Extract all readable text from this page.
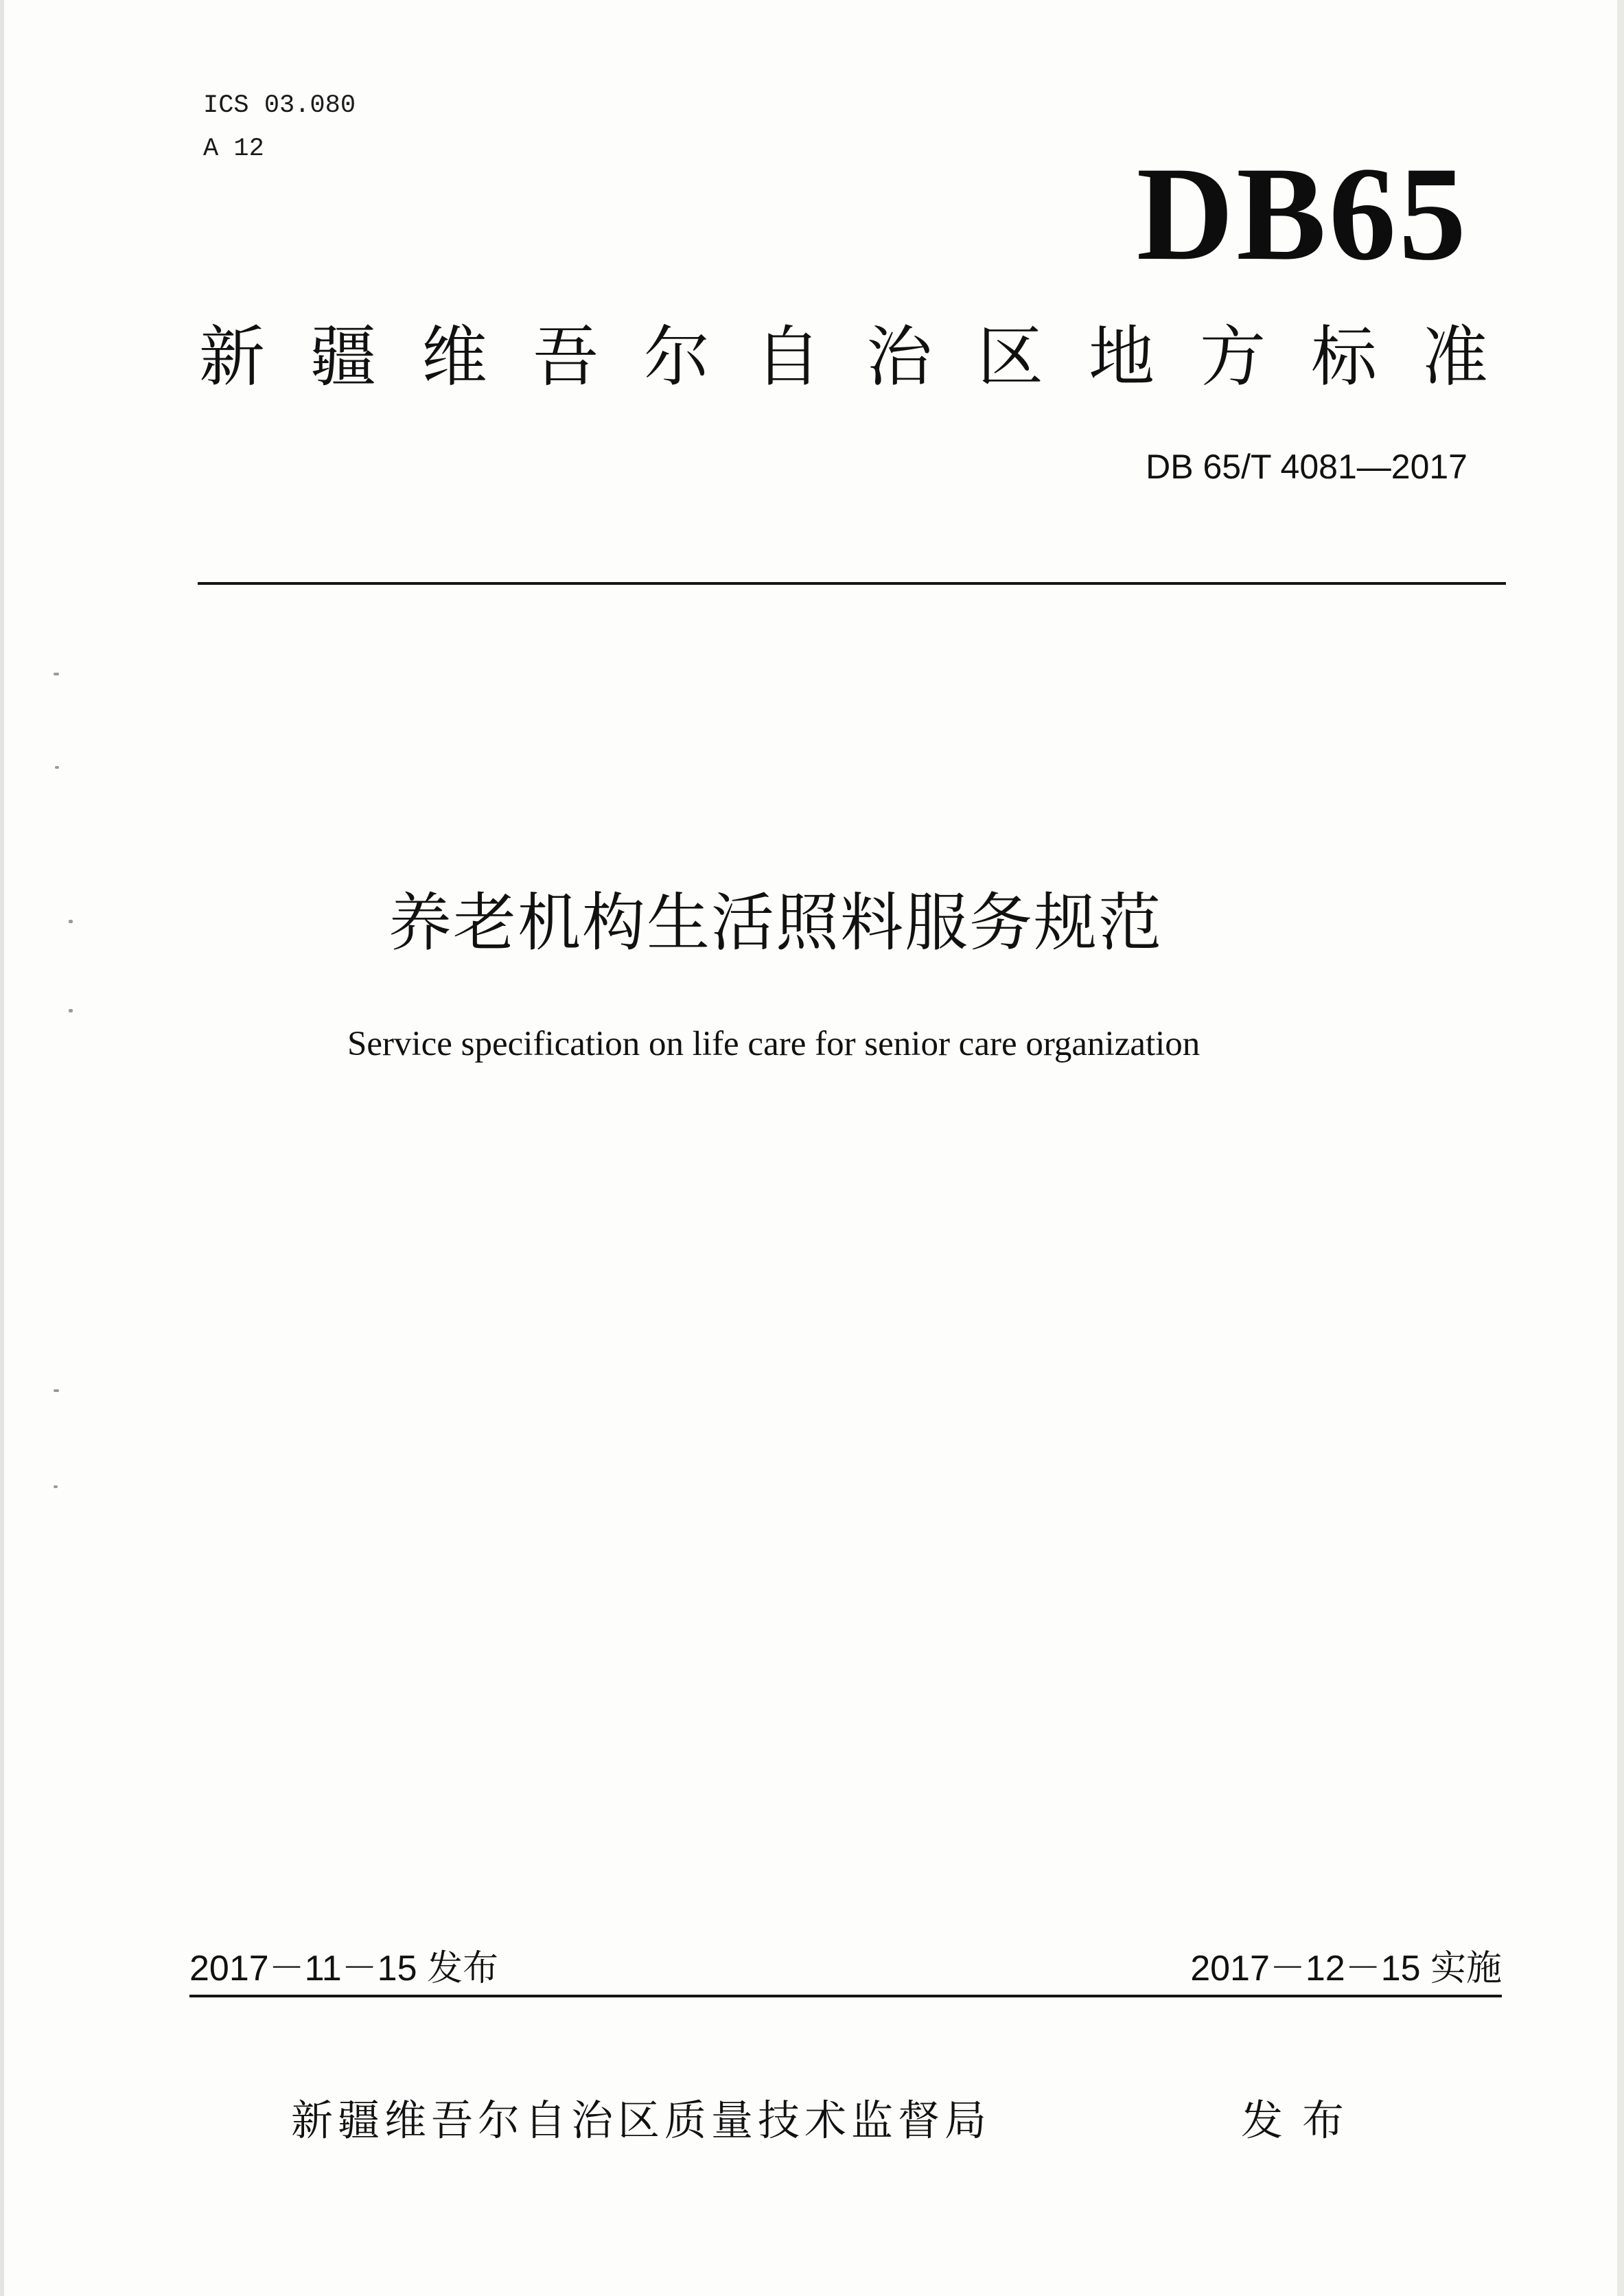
ICS 03.080
A 12	DB65
新疆维吾尔自治区地方标准
DB 65/T 4081—2017
养老机构生活照料服务规范
Service specification on life care for senior care organization
2017－11－15 发布	2017－12－15 实施
新疆维吾尔自治区质量技术监督局	发布
